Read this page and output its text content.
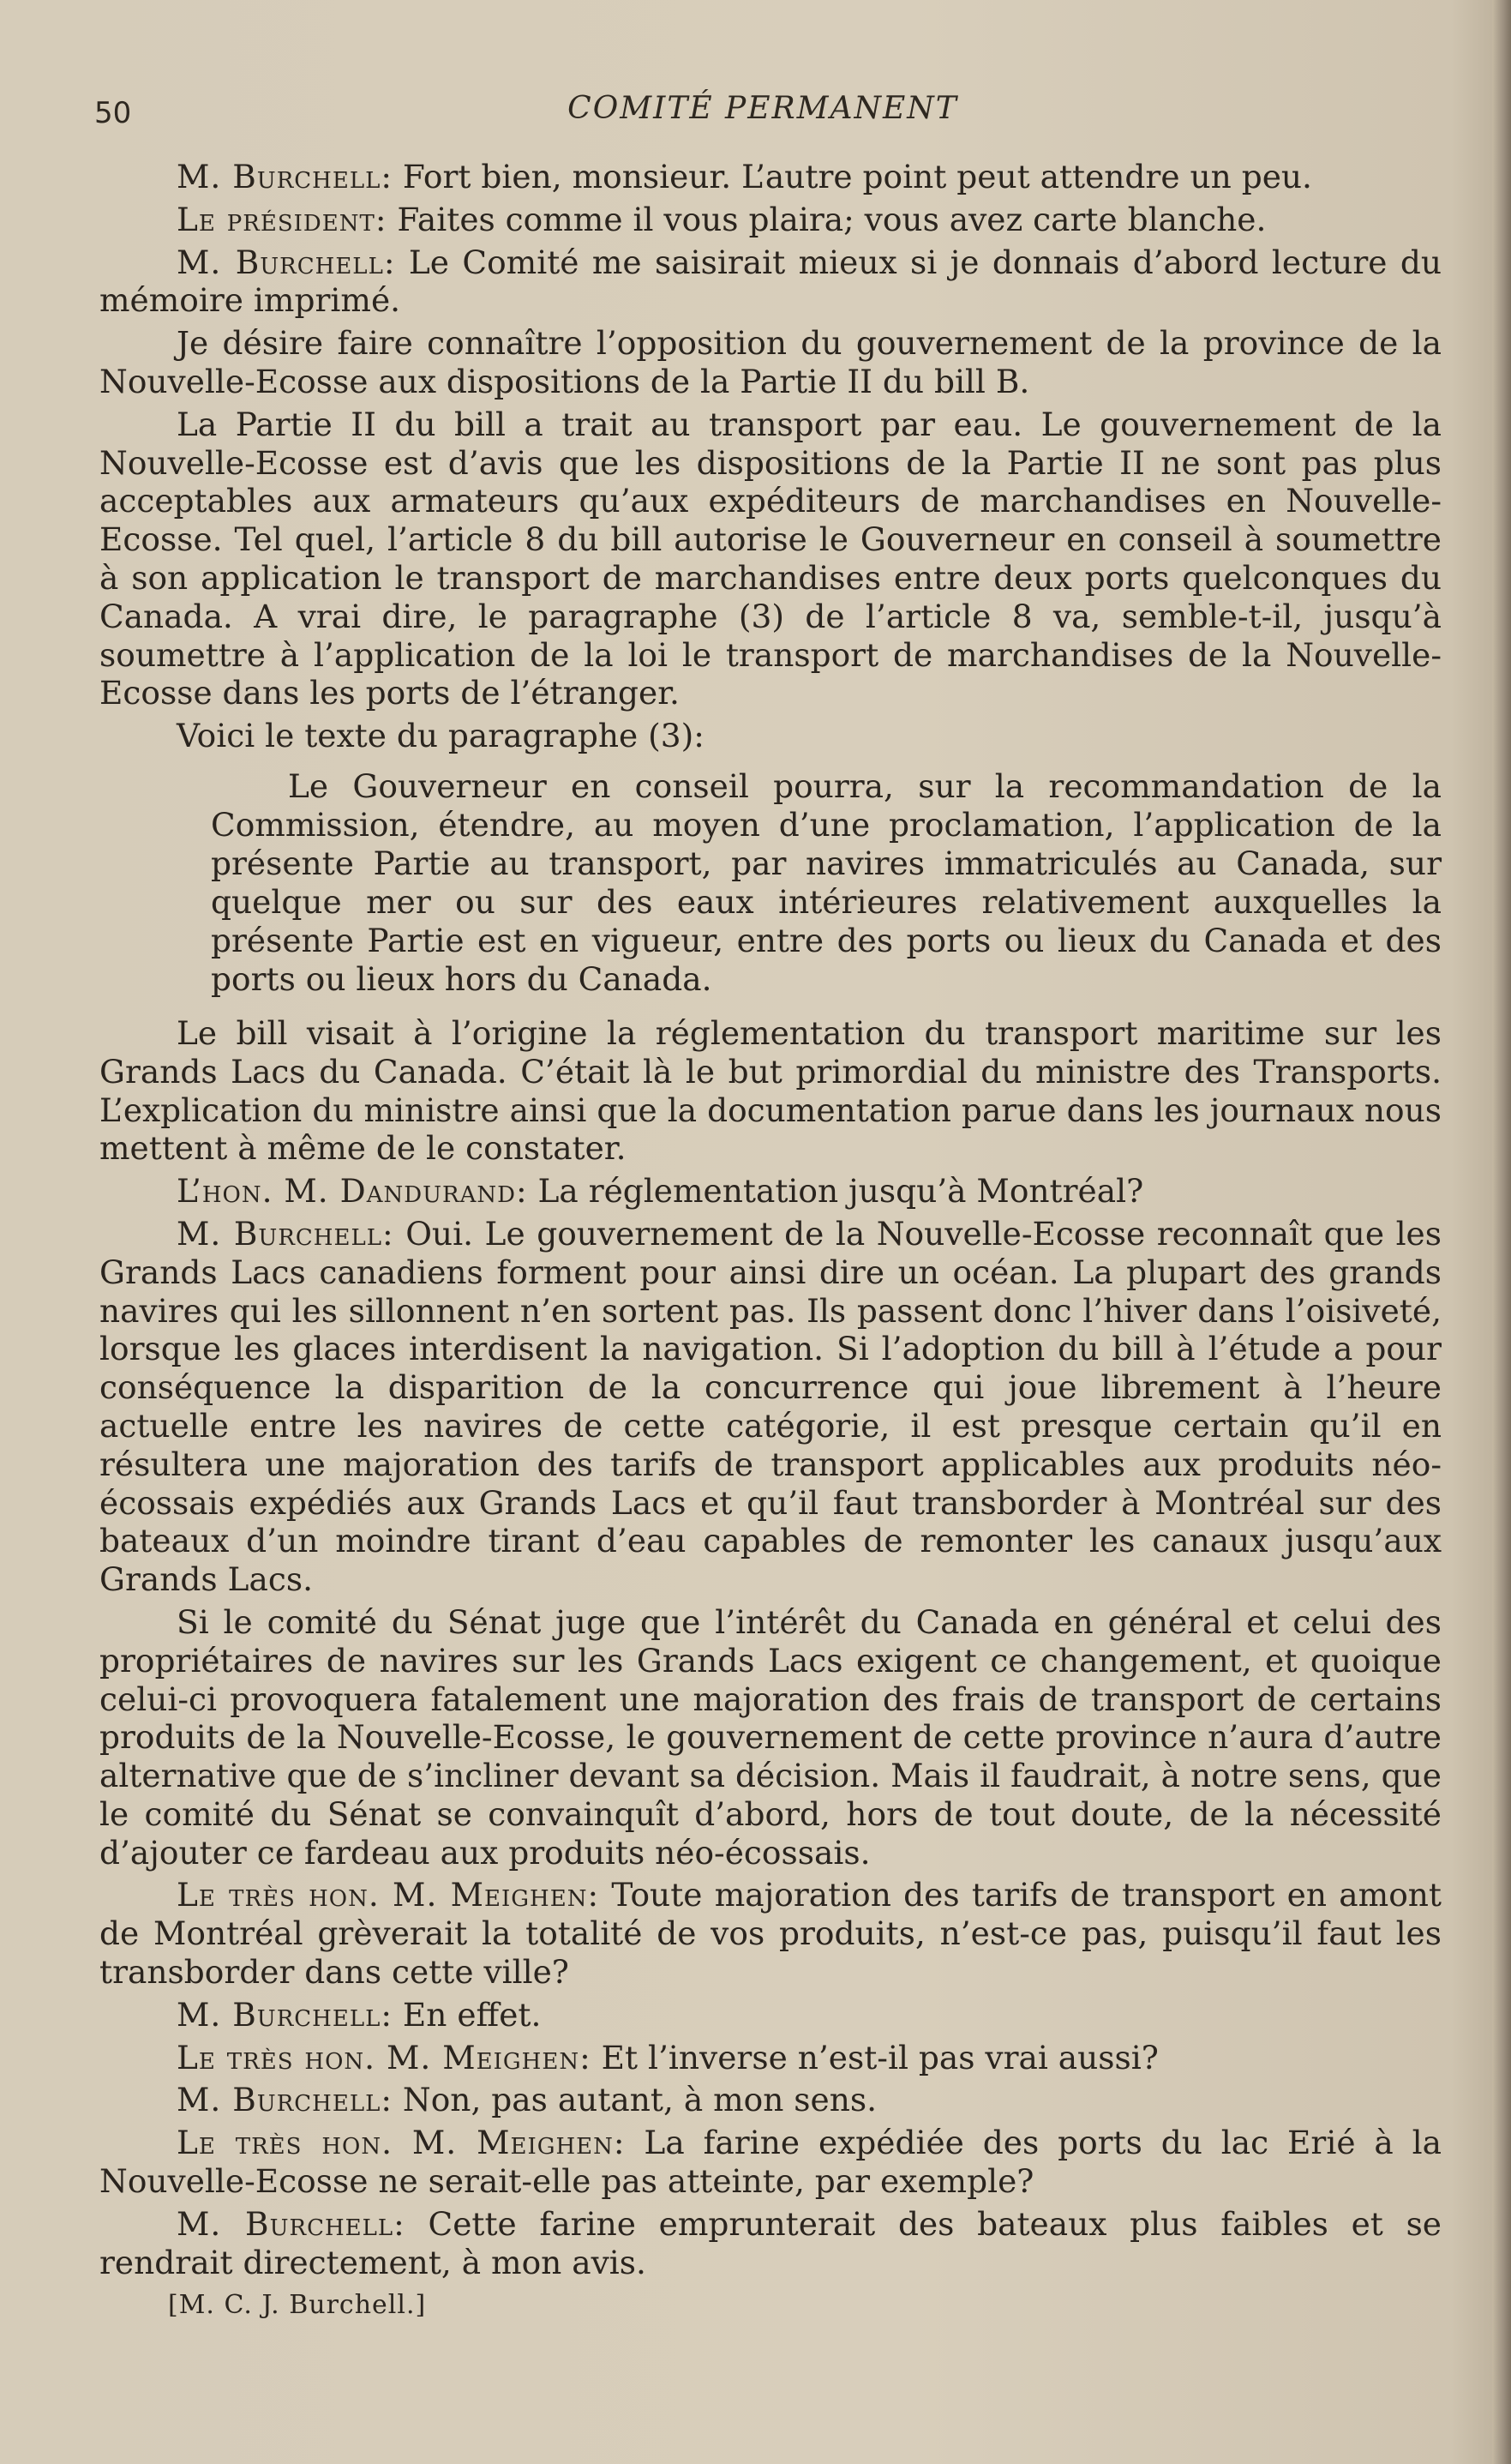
50	COMITÉ PERMANENT

M. Burchell: Fort bien, monsieur. L’autre point peut attendre un peu.

Le président: Faites comme il vous plaira; vous avez carte blanche.

M. Burchell: Le Comité me saisirait mieux si je donnais d’abord lecture du mémoire imprimé.

Je désire faire connaître l’opposition du gouvernement de la province de la Nouvelle-Ecosse aux dispositions de la Partie II du bill B.

La Partie II du bill a trait au transport par eau. Le gouvernement de la Nouvelle-Ecosse est d’avis que les dispositions de la Partie II ne sont pas plus acceptables aux armateurs qu’aux expéditeurs de marchandises en Nouvelle-Ecosse. Tel quel, l’article 8 du bill autorise le Gouverneur en conseil à soumettre à son application le transport de marchandises entre deux ports quelconques du Canada. A vrai dire, le paragraphe (3) de l’article 8 va, semble-t-il, jusqu’à soumettre à l’application de la loi le transport de marchandises de la Nouvelle-Ecosse dans les ports de l’étranger.

Voici le texte du paragraphe (3):

Le Gouverneur en conseil pourra, sur la recommandation de la Commission, étendre, au moyen d’une proclamation, l’application de la présente Partie au transport, par navires immatriculés au Canada, sur quelque mer ou sur des eaux intérieures relativement auxquelles la présente Partie est en vigueur, entre des ports ou lieux du Canada et des ports ou lieux hors du Canada.

Le bill visait à l’origine la réglementation du transport maritime sur les Grands Lacs du Canada. C’était là le but primordial du ministre des Transports. L’explication du ministre ainsi que la documentation parue dans les journaux nous mettent à même de le constater.

L’hon. M. Dandurand: La réglementation jusqu’à Montréal?

M. Burchell: Oui. Le gouvernement de la Nouvelle-Ecosse reconnaît que les Grands Lacs canadiens forment pour ainsi dire un océan. La plupart des grands navires qui les sillonnent n’en sortent pas. Ils passent donc l’hiver dans l’oisiveté, lorsque les glaces interdisent la navigation. Si l’adoption du bill à l’étude a pour conséquence la disparition de la concurrence qui joue librement à l’heure actuelle entre les navires de cette catégorie, il est presque certain qu’il en résultera une majoration des tarifs de transport applicables aux produits néo-écossais expédiés aux Grands Lacs et qu’il faut transborder à Montréal sur des bateaux d’un moindre tirant d’eau capables de remonter les canaux jusqu’aux Grands Lacs.

Si le comité du Sénat juge que l’intérêt du Canada en général et celui des propriétaires de navires sur les Grands Lacs exigent ce changement, et quoique celui-ci provoquera fatalement une majoration des frais de transport de certains produits de la Nouvelle-Ecosse, le gouvernement de cette province n’aura d’autre alternative que de s’incliner devant sa décision. Mais il faudrait, à notre sens, que le comité du Sénat se convainquît d’abord, hors de tout doute, de la nécessité d’ajouter ce fardeau aux produits néo-écossais.

Le très hon. M. Meighen: Toute majoration des tarifs de transport en amont de Montréal grèverait la totalité de vos produits, n’est-ce pas, puisqu’il faut les transborder dans cette ville?

M. Burchell: En effet.

Le très hon. M. Meighen: Et l’inverse n’est-il pas vrai aussi?

M. Burchell: Non, pas autant, à mon sens.

Le très hon. M. Meighen: La farine expédiée des ports du lac Erié à la Nouvelle-Ecosse ne serait-elle pas atteinte, par exemple?

M. Burchell: Cette farine emprunterait des bateaux plus faibles et se rendrait directement, à mon avis.

[M. C. J. Burchell.]
